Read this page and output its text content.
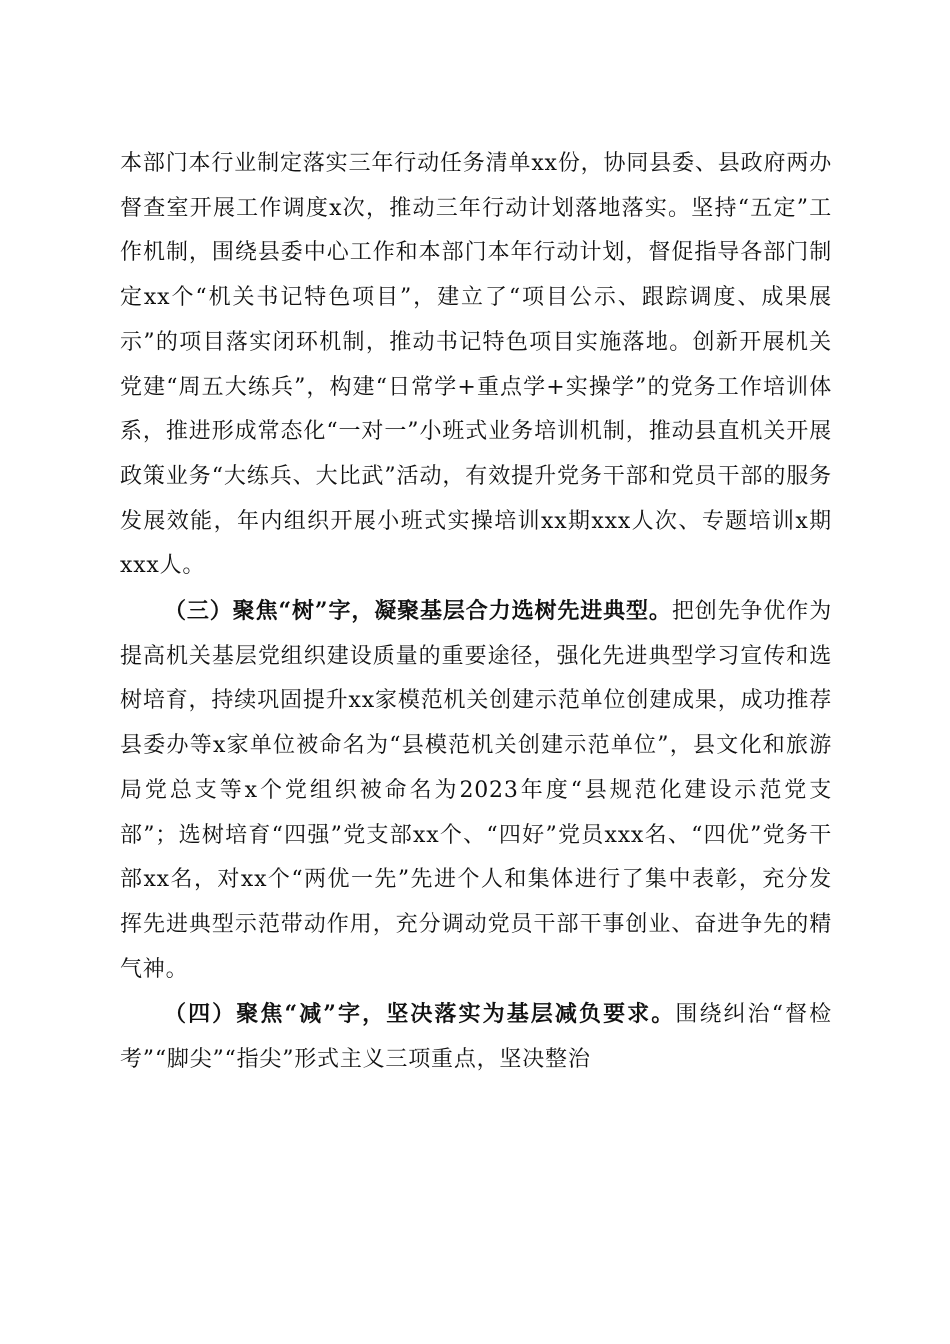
本部门本行业制定落实三年行动任务清单xx份，协同县委、县政府两办督查室开展工作调度x次，推动三年行动计划落地落实。坚持“五定”工作机制，围绕县委中心工作和本部门本年行动计划，督促指导各部门制定xx个“机关书记特色项目”，建立了“项目公示、跟踪调度、成果展示”的项目落实闭环机制，推动书记特色项目实施落地。创新开展机关党建“周五大练兵”，构建“日常学+重点学+实操学”的党务工作培训体系，推进形成常态化“一对一”小班式业务培训机制，推动县直机关开展政策业务“大练兵、大比武”活动，有效提升党务干部和党员干部的服务发展效能，年内组织开展小班式实操培训xx期xxx人次、专题培训x期xxx人。

（三）聚焦“树”字，凝聚基层合力选树先进典型。把创先争优作为提高机关基层党组织建设质量的重要途径，强化先进典型学习宣传和选树培育，持续巩固提升xx家模范机关创建示范单位创建成果，成功推荐县委办等x家单位被命名为“县模范机关创建示范单位”，县文化和旅游局党总支等x个党组织被命名为2023年度“县规范化建设示范党支部”；选树培育“四强”党支部xx个、“四好”党员xxx名、“四优”党务干部xx名，对xx个“两优一先”先进个人和集体进行了集中表彰，充分发挥先进典型示范带动作用，充分调动党员干部干事创业、奋进争先的精气神。

（四）聚焦“减”字，坚决落实为基层减负要求。围绕纠治“督检考”“脚尖”“指尖”形式主义三项重点，坚决整治
